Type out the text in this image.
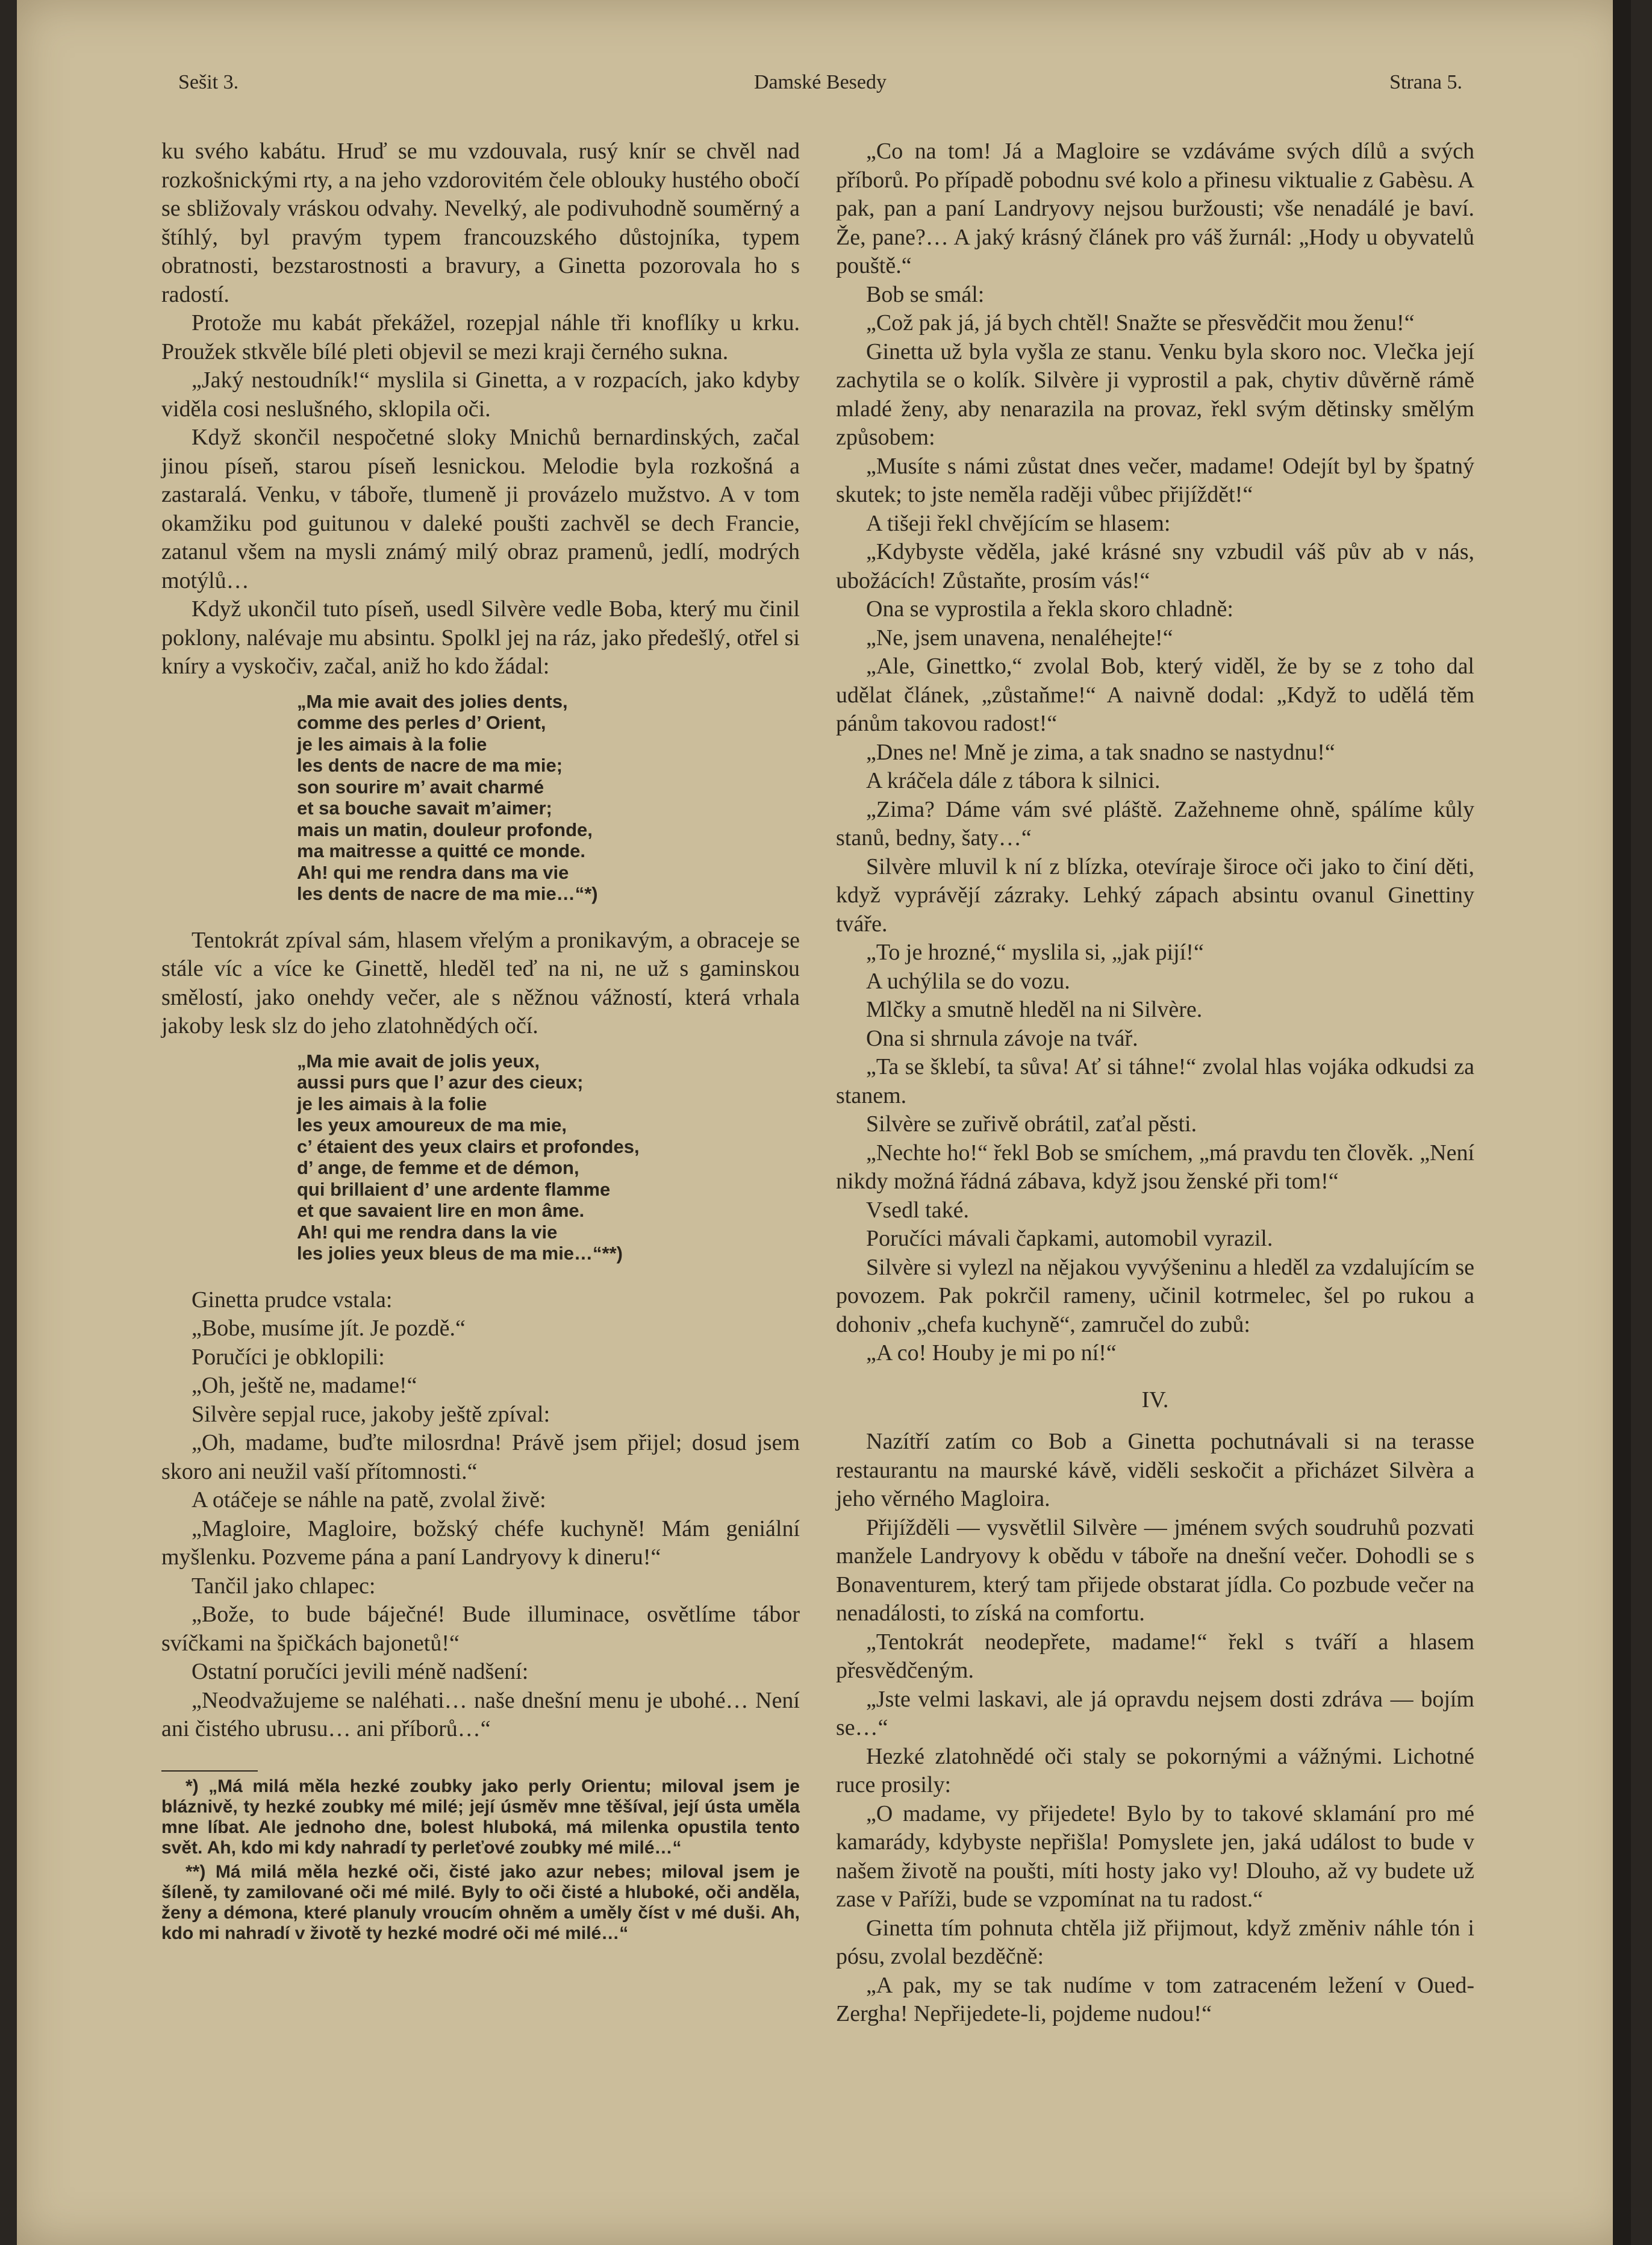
Sešit 3.	Damské Besedy	Strana 5.

ku svého kabátu. Hruď se mu vzdouvala, rusý knír se chvěl nad rozkošnickými rty, a na jeho vzdorovitém čele oblouky hustého obočí se sbližovaly vráskou odvahy. Nevelký, ale podivuhodně souměrný a štíhlý, byl pravým typem francouzského důstojníka, typem obratnosti, bezstarostnosti a bravury, a Ginetta pozorovala ho s radostí.

Protože mu kabát překážel, rozepjal náhle tři knoflíky u krku. Proužek stkvěle bílé pleti objevil se mezi kraji černého sukna.

„Jaký nestoudník!“ myslila si Ginetta, a v rozpacích, jako kdyby viděla cosi neslušného, sklopila oči.

Když skončil nespočetné sloky Mnichů bernardinských, začal jinou píseň, starou píseň lesnickou. Melodie byla rozkošná a zastaralá. Venku, v táboře, tlumeně ji provázelo mužstvo. A v tom okamžiku pod guitunou v daleké poušti zachvěl se dech Francie, zatanul všem na mysli známý milý obraz pramenů, jedlí, modrých motýlů…

Když ukončil tuto píseň, usedl Silvère vedle Boba, který mu činil poklony, nalévaje mu absintu. Spolkl jej na ráz, jako předešlý, otřel si kníry a vyskočiv, začal, aniž ho kdo žádal:

„Ma mie avait des jolies dents,
comme des perles d’ Orient,
je les aimais à la folie
les dents de nacre de ma mie;
son sourire m’ avait charmé
et sa bouche savait m’aimer;
mais un matin, douleur profonde,
ma maitresse a quitté ce monde.
Ah! qui me rendra dans ma vie
les dents de nacre de ma mie…“*)

Tentokrát zpíval sám, hlasem vřelým a pronikavým, a obraceje se stále víc a více ke Ginettě, hleděl teď na ni, ne už s gaminskou smělostí, jako onehdy večer, ale s něžnou vážností, která vrhala jakoby lesk slz do jeho zlatohnědých očí.

„Ma mie avait de jolis yeux,
aussi purs que l’ azur des cieux;
je les aimais à la folie
les yeux amoureux de ma mie,
c’ étaient des yeux clairs et profondes,
d’ ange, de femme et de démon,
qui brillaient d’ une ardente flamme
et que savaient lire en mon âme.
Ah! qui me rendra dans la vie
les jolies yeux bleus de ma mie…“**)

Ginetta prudce vstala:

„Bobe, musíme jít. Je pozdě.“

Poručíci je obklopili:

„Oh, ještě ne, madame!“

Silvère sepjal ruce, jakoby ještě zpíval:

„Oh, madame, buďte milosrdna! Právě jsem přijel; dosud jsem skoro ani neužil vaší přítomnosti.“

A otáčeje se náhle na patě, zvolal živě:

„Magloire, Magloire, božský chéfe kuchyně! Mám geniální myšlenku. Pozveme pána a paní Landryovy k dineru!“

Tančil jako chlapec:

„Bože, to bude báječné! Bude illuminace, osvětlíme tábor svíčkami na špičkách bajonetů!“

Ostatní poručíci jevili méně nadšení:

„Neodvažujeme se naléhati… naše dnešní menu je ubohé… Není ani čistého ubrusu… ani příborů…“

*) „Má milá měla hezké zoubky jako perly Orientu; miloval jsem je bláznivě, ty hezké zoubky mé milé; její úsměv mne těšíval, její ústa uměla mne líbat. Ale jednoho dne, bolest hluboká, má milenka opustila tento svět. Ah, kdo mi kdy nahradí ty perleťové zoubky mé milé…“

**) Má milá měla hezké oči, čisté jako azur nebes; miloval jsem je šíleně, ty zamilované oči mé milé. Byly to oči čisté a hluboké, oči anděla, ženy a démona, které planuly vroucím ohněm a uměly číst v mé duši. Ah, kdo mi nahradí v životě ty hezké modré oči mé milé…“

„Co na tom! Já a Magloire se vzdáváme svých dílů a svých příborů. Po případě pobodnu své kolo a přinesu viktualie z Gabèsu. A pak, pan a paní Landryovy nejsou buržousti; vše nenadálé je baví. Že, pane?… A jaký krásný článek pro váš žurnál: „Hody u obyvatelů pouště.“

Bob se smál:

„Což pak já, já bych chtěl! Snažte se přesvědčit mou ženu!“

Ginetta už byla vyšla ze stanu. Venku byla skoro noc. Vlečka její zachytila se o kolík. Silvère ji vyprostil a pak, chytiv důvěrně rámě mladé ženy, aby nenarazila na provaz, řekl svým dětinsky smělým způsobem:

„Musíte s námi zůstat dnes večer, madame! Odejít byl by špatný skutek; to jste neměla raději vůbec přijíždět!“

A tišeji řekl chvějícím se hlasem:

„Kdybyste věděla, jaké krásné sny vzbudil váš pův ab v nás, ubožácích! Zůstaňte, prosím vás!“

Ona se vyprostila a řekla skoro chladně:

„Ne, jsem unavena, nenaléhejte!“

„Ale, Ginettko,“ zvolal Bob, který viděl, že by se z toho dal udělat článek, „zůstaňme!“ A naivně dodal: „Když to udělá těm pánům takovou radost!“

„Dnes ne! Mně je zima, a tak snadno se nastydnu!“

A kráčela dále z tábora k silnici.

„Zima? Dáme vám své pláště. Zažehneme ohně, spálíme kůly stanů, bedny, šaty…“

Silvère mluvil k ní z blízka, otevíraje široce oči jako to činí děti, když vyprávějí zázraky. Lehký zápach absintu ovanul Ginettiny tváře.

„To je hrozné,“ myslila si, „jak pijí!“

A uchýlila se do vozu.

Mlčky a smutně hleděl na ni Silvère.

Ona si shrnula závoje na tvář.

„Ta se šklebí, ta sůva! Ať si táhne!“ zvolal hlas vojáka odkudsi za stanem.

Silvère se zuřivě obrátil, zaťal pěsti.

„Nechte ho!“ řekl Bob se smíchem, „má pravdu ten člověk. „Není nikdy možná řádná zábava, když jsou ženské při tom!“

Vsedl také.

Poručíci mávali čapkami, automobil vyrazil.

Silvère si vylezl na nějakou vyvýšeninu a hleděl za vzdalujícím se povozem. Pak pokrčil rameny, učinil kotrmelec, šel po rukou a dohoniv „chefa kuchyně“, zamručel do zubů:

„A co! Houby je mi po ní!“

IV.

Nazítří zatím co Bob a Ginetta pochutnávali si na terasse restaurantu na maurské kávě, viděli seskočit a přicházet Silvèra a jeho věrného Magloira.

Přijížděli — vysvětlil Silvère — jménem svých soudruhů pozvati manžele Landryovy k obědu v táboře na dnešní večer. Dohodli se s Bonaventurem, který tam přijede obstarat jídla. Co pozbude večer na nenadálosti, to získá na comfortu.

„Tentokrát neodepřete, madame!“ řekl s tváří a hlasem přesvědčeným.

„Jste velmi laskavi, ale já opravdu nejsem dosti zdráva — bojím se…“

Hezké zlatohnědé oči staly se pokornými a vážnými. Lichotné ruce prosily:

„O madame, vy přijedete! Bylo by to takové sklamání pro mé kamarády, kdybyste nepřišla! Pomyslete jen, jaká událost to bude v našem životě na poušti, míti hosty jako vy! Dlouho, až vy budete už zase v Paříži, bude se vzpomínat na tu radost.“

Ginetta tím pohnuta chtěla již přijmout, když změniv náhle tón i pósu, zvolal bezděčně:

„A pak, my se tak nudíme v tom zatraceném ležení v Oued-Zergha! Nepřijedete-li, pojdeme nudou!“
